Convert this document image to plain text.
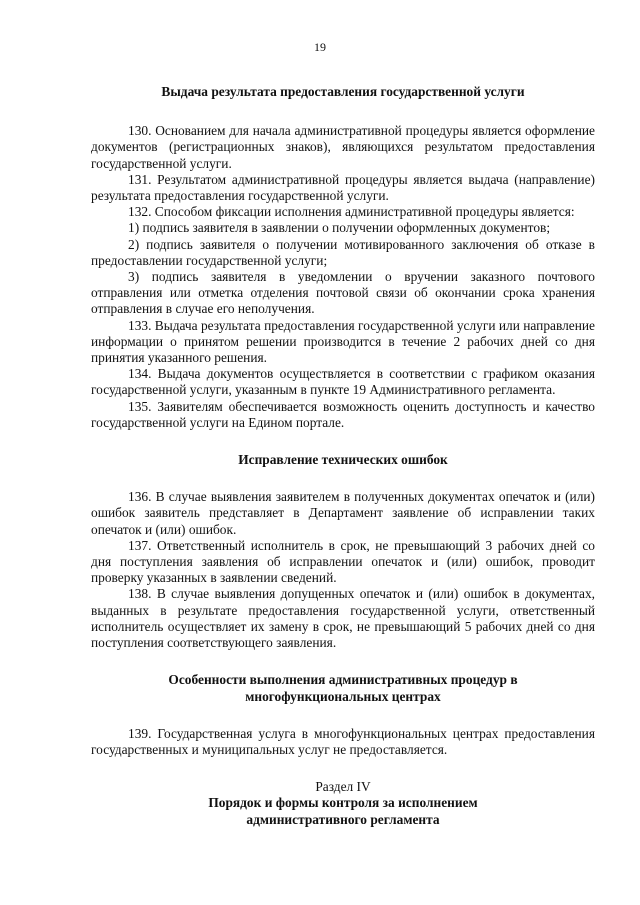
19

Выдача результата предоставления государственной услуги

130. Основанием для начала административной процедуры является оформление документов (регистрационных знаков), являющихся результатом предоставления государственной услуги.

131. Результатом административной процедуры является выдача (направление) результата предоставления государственной услуги.

132. Способом фиксации исполнения административной процедуры является:

1) подпись заявителя в заявлении о получении оформленных документов;

2) подпись заявителя о получении мотивированного заключения об отказе в предоставлении государственной услуги;

3) подпись заявителя в уведомлении о вручении заказного почтового отправления или отметка отделения почтовой связи об окончании срока хранения отправления в случае его неполучения.

133. Выдача результата предоставления государственной услуги или направление информации о принятом решении производится в течение 2 рабочих дней со дня принятия указанного решения.

134. Выдача документов осуществляется в соответствии с графиком оказания государственной услуги, указанным в пункте 19 Административного регламента.

135. Заявителям обеспечивается возможность оценить доступность и качество государственной услуги на Едином портале.

Исправление технических ошибок

136. В случае выявления заявителем в полученных документах опечаток и (или) ошибок заявитель представляет в Департамент заявление об исправлении таких опечаток и (или) ошибок.

137. Ответственный исполнитель в срок, не превышающий 3 рабочих дней со дня поступления заявления об исправлении опечаток и (или) ошибок, проводит проверку указанных в заявлении сведений.

138. В случае выявления допущенных опечаток и (или) ошибок в документах, выданных в результате предоставления государственной услуги, ответственный исполнитель осуществляет их замену в срок, не превышающий 5 рабочих дней со дня поступления соответствующего заявления.

Особенности выполнения административных процедур в

многофункциональных центрах

139. Государственная услуга в многофункциональных центрах предоставления государственных и муниципальных услуг не предоставляется.

Раздел IV

Порядок и формы контроля за исполнением

административного регламента
